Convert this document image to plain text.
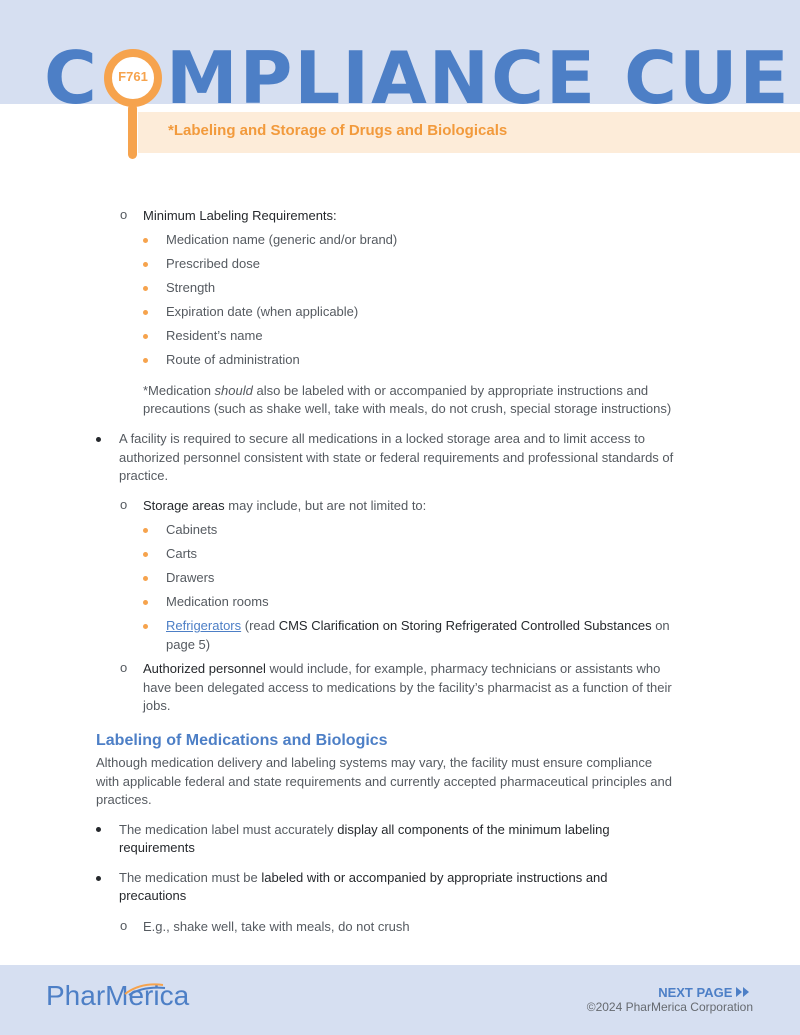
C	F761 MPLIANCE CUE
*Labeling and Storage of Drugs and Biologicals
o Minimum Labeling Requirements:
Medication name (generic and/or brand)
Prescribed dose
Strength
Expiration date (when applicable)
Resident’s name
Route of administration
*Medication should also be labeled with or accompanied by appropriate instructions and
precautions (such as shake well, take with meals, do not crush, special storage instructions)
A facility is required to secure all medications in a locked storage area and to limit access to
authorized personnel consistent with state or federal requirements and professional standards of
practice.
o Storage areas may include, but are not limited to:
Cabinets
Carts
Drawers
Medication rooms
Refrigerators (read CMS Clarification on Storing Refrigerated Controlled Substances on
page 5)
o Authorized personnel would include, for example, pharmacy technicians or assistants who
have been delegated access to medications by the facility’s pharmacist as a function of their
jobs.
Labeling of Medications and Biologics
Although medication delivery and labeling systems may vary, the facility must ensure compliance
with applicable federal and state requirements and currently accepted pharmaceutical principles and
practices.
The medication label must accurately display all components of the minimum labeling
requirements
The medication must be labeled with or accompanied by appropriate instructions and
precautions
o E.g., shake well, take with meals, do not crush
PharMerica	NEXT PAGE
©2024 PharMerica Corporation
